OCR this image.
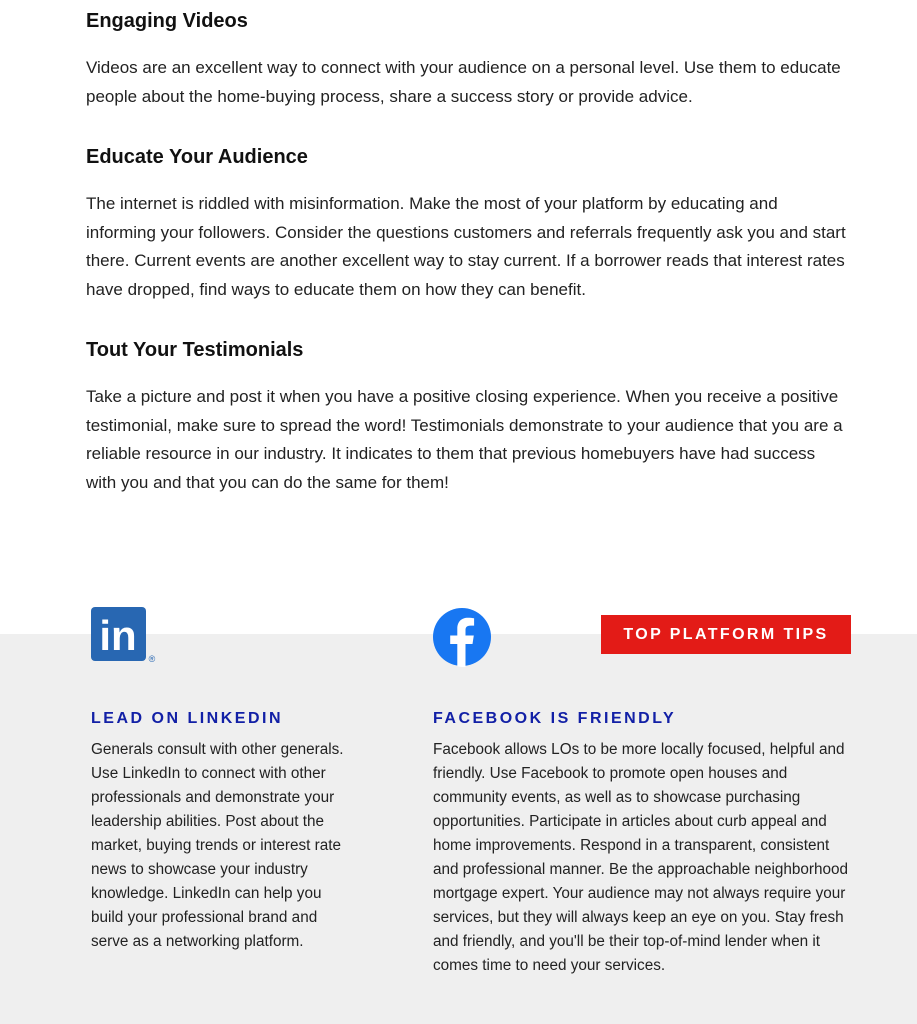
Engaging Videos

Videos are an excellent way to connect with your audience on a personal level. Use them to educate people about the home-buying process, share a success story or provide advice.

Educate Your Audience

The internet is riddled with misinformation. Make the most of your platform by educating and informing your followers. Consider the questions customers and referrals frequently ask you and start there. Current events are another excellent way to stay current. If a borrower reads that interest rates have dropped, find ways to educate them on how they can benefit.

Tout Your Testimonials

Take a picture and post it when you have a positive closing experience. When you receive a positive testimonial, make sure to spread the word! Testimonials demonstrate to your audience that you are a reliable resource in our industry. It indicates to them that previous homebuyers have had success with you and that you can do the same for them!

TOP PLATFORM TIPS
in ®
LEAD ON LINKEDIN

Generals consult with other generals. Use LinkedIn to connect with other professionals and demonstrate your leadership abilities. Post about the market, buying trends or interest rate news to showcase your industry knowledge. LinkedIn can help you build your professional brand and serve as a networking platform.

FACEBOOK IS FRIENDLY

Facebook allows LOs to be more locally focused, helpful and friendly. Use Facebook to promote open houses and community events, as well as to showcase purchasing opportunities. Participate in articles about curb appeal and home improvements. Respond in a transparent, consistent and professional manner. Be the approachable neighborhood mortgage expert. Your audience may not always require your services, but they will always keep an eye on you. Stay fresh and friendly, and you'll be their top-of-mind lender when it comes time to need your services.
